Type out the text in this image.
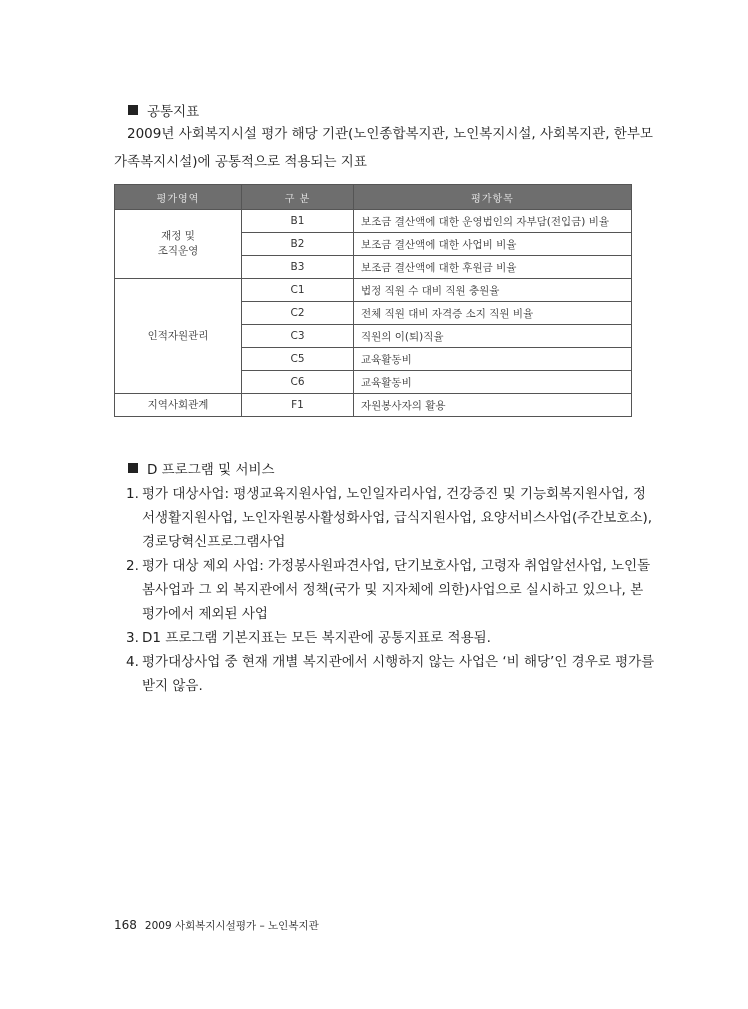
공통지표
2009년 사회복지시설 평가 해당 기관(노인종합복지관, 노인복지시설, 사회복지관, 한부모
가족복지시설)에 공통적으로 적용되는 지표
평가영역	구 분	평가항목
재정 및
조직운영	B1	보조금 결산액에 대한 운영법인의 자부담(전입금) 비율
	B2	보조금 결산액에 대한 사업비 비율
	B3	보조금 결산액에 대한 후원금 비율
인적자원관리	C1	법정 직원 수 대비 직원 충원율
	C2	전체 직원 대비 자격증 소지 직원 비율
	C3	직원의 이(퇴)직율
	C5	교육활동비
	C6	교육활동비
지역사회관계	F1	자원봉사자의 활용
D 프로그램 및 서비스
1. 평가 대상사업: 평생교육지원사업, 노인일자리사업, 건강증진 및 기능회복지원사업, 정
서생활지원사업, 노인자원봉사활성화사업, 급식지원사업, 요양서비스사업(주간보호소),
경로당혁신프로그램사업
2. 평가 대상 제외 사업: 가정봉사원파견사업, 단기보호사업, 고령자 취업알선사업, 노인돌
봄사업과 그 외 복지관에서 정책(국가 및 지자체에 의한)사업으로 실시하고 있으나, 본
평가에서 제외된 사업
3. D1 프로그램 기본지표는 모든 복지관에 공통지표로 적용됨.
4. 평가대상사업 중 현재 개별 복지관에서 시행하지 않는 사업은 ‘비 해당’인 경우로 평가를
받지 않음.
168 2009 사회복지시설평가 – 노인복지관
